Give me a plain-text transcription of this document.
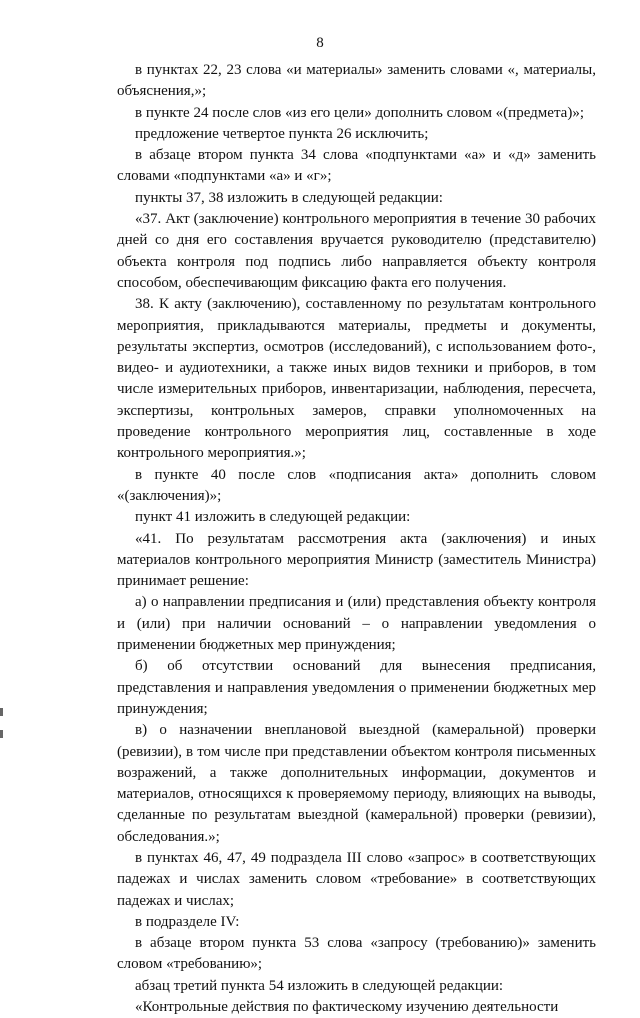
8

в пунктах 22, 23 слова «и материалы» заменить словами «, материалы, объяснения,»;

в пункте 24 после слов «из его цели» дополнить словом «(предмета)»;

предложение четвертое пункта 26 исключить;

в абзаце втором пункта 34 слова «подпунктами «а» и «д» заменить словами «подпунктами «а» и «г»;

пункты 37, 38 изложить в следующей редакции:

«37. Акт (заключение) контрольного мероприятия в течение 30 рабочих дней со дня его составления вручается руководителю (представителю) объекта контроля под подпись либо направляется объекту контроля способом, обеспечивающим фиксацию факта его получения.

38. К акту (заключению), составленному по результатам контрольного мероприятия, прикладываются материалы, предметы и документы, результаты экспертиз, осмотров (исследований), с использованием фото-, видео- и аудиотехники, а также иных видов техники и приборов, в том числе измерительных приборов, инвентаризации, наблюдения, пересчета, экспертизы, контрольных замеров, справки уполномоченных на проведение контрольного мероприятия лиц, составленные в ходе контрольного мероприятия.»;

в пункте 40 после слов «подписания акта» дополнить словом «(заключения)»;

пункт 41 изложить в следующей редакции:

«41. По результатам рассмотрения акта (заключения) и иных материалов контрольного мероприятия Министр (заместитель Министра) принимает решение:

а) о направлении предписания и (или) представления объекту контроля и (или) при наличии оснований – о направлении уведомления о применении бюджетных мер принуждения;

б) об отсутствии оснований для вынесения предписания, представления и направления уведомления о применении бюджетных мер принуждения;

в) о назначении внеплановой выездной (камеральной) проверки (ревизии), в том числе при представлении объектом контроля письменных возражений, а также дополнительных информации, документов и материалов, относящихся к проверяемому периоду, влияющих на выводы, сделанные по результатам выездной (камеральной) проверки (ревизии), обследования.»;

в пунктах 46, 47, 49 подраздела III слово «запрос» в соответствующих падежах и числах заменить словом «требование» в соответствующих падежах и числах;

в подразделе IV:

в абзаце втором пункта 53 слова «запросу (требованию)» заменить словом «требованию»;

абзац третий пункта 54 изложить в следующей редакции:

«Контрольные действия по фактическому изучению деятельности
